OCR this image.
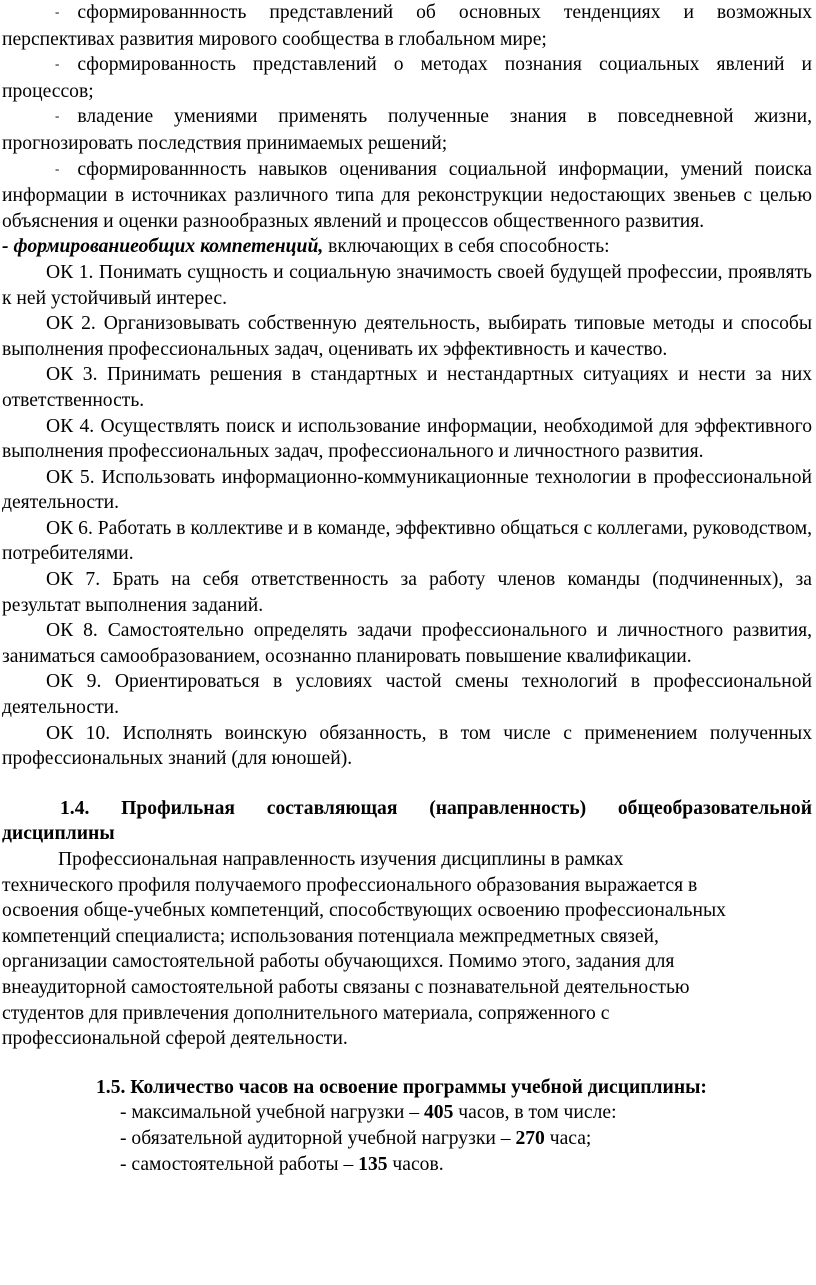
- сформированнность представлений об основных тенденциях и возможных перспективах развития мирового сообщества в глобальном мире;

- сформированность представлений о методах познания социальных явлений и процессов;

- владение умениями применять полученные знания в повседневной жизни, прогнозировать последствия принимаемых решений;

- сформированнность навыков оценивания социальной информации, умений поиска информации в источниках различного типа для реконструкции недостающих звеньев с целью объяснения и оценки разнообразных явлений и процессов общественного развития.

- формированиеобщих компетенций, включающих в себя способность:

ОК 1. Понимать сущность и социальную значимость своей будущей профессии, проявлять к ней устойчивый интерес.

ОК 2. Организовывать собственную деятельность, выбирать типовые методы и способы выполнения профессиональных задач, оценивать их эффективность и качество.

ОК 3. Принимать решения в стандартных и нестандартных ситуациях и нести за них ответственность.

ОК 4. Осуществлять поиск и использование информации, необходимой для эффективного выполнения профессиональных задач, профессионального и личностного развития.

ОК 5. Использовать информационно-коммуникационные технологии в профессиональной деятельности.

ОК 6. Работать в коллективе и в команде, эффективно общаться с коллегами, руководством, потребителями.

ОК 7. Брать на себя ответственность за работу членов команды (подчиненных), за результат выполнения заданий.

ОК 8. Самостоятельно определять задачи профессионального и личностного развития, заниматься самообразованием, осознанно планировать повышение квалификации.

ОК 9. Ориентироваться в условиях частой смены технологий в профессиональной деятельности.

ОК 10. Исполнять воинскую обязанность, в том числе с применением полученных профессиональных знаний (для юношей).

1.4. Профильная составляющая (направленность) общеобразовательной дисциплины

Профессиональная направленность изучения дисциплины в рамках
технического профиля получаемого профессионального образования выражается в
освоения обще-учебных компетенций, способствующих освоению профессиональных
компетенций специалиста; использования потенциала межпредметных связей,
организации самостоятельной работы обучающихся. Помимо этого, задания для
внеаудиторной самостоятельной работы связаны с познавательной деятельностью
студентов для привлечения дополнительного материала, сопряженного с
профессиональной сферой деятельности.

1.5. Количество часов на освоение программы учебной дисциплины:

- максимальной учебной нагрузки – 405 часов, в том числе:
- обязательной аудиторной учебной нагрузки – 270 часа;
- самостоятельной работы – 135 часов.
